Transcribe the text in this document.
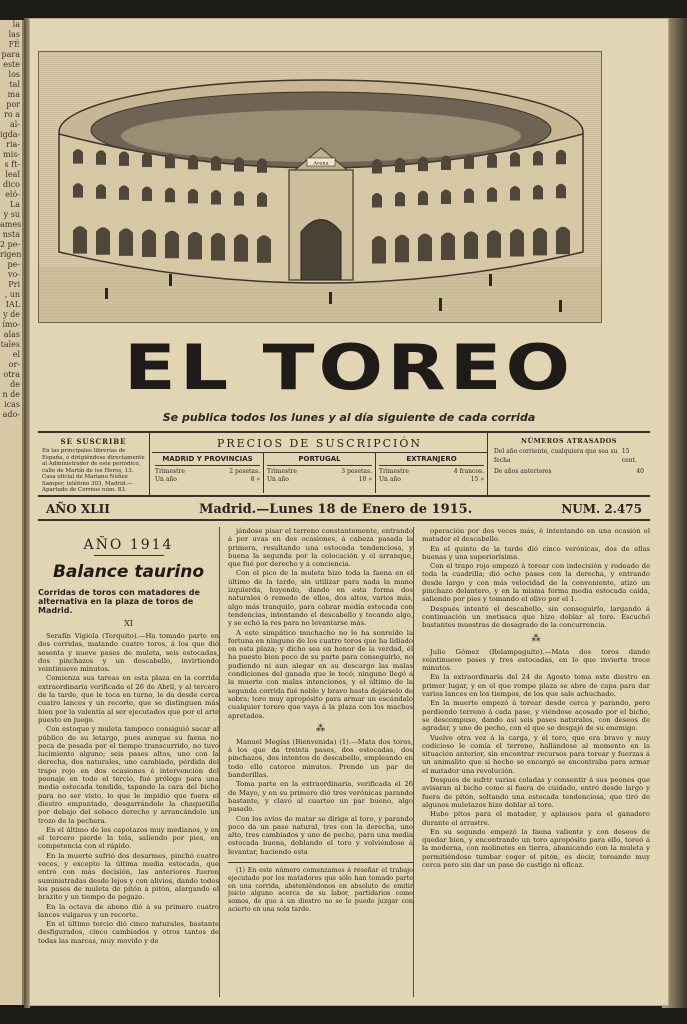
la
las
FÉ
para
este
los
tal
ma
por
ro a
al-
igda-
ria-
mis-
s ft-
leal
dico
eló-
La
y su
ames
nsta
2 pe-
rigen
pe-
vo-
Pri
, un
IAL
y de
ímo-
alas
tales
el
or-
otra
de
n de
icas
ado-
Arena
EL TOREO
Se publica todos los lunes y al día siguiente de cada corrida
SE SUSCRIBE
En las principales librerías de España, ó dirigiéndose directamente al Administrador de este periódico, calle de Martín de los Heros, 13. Casa oficial de Mariano Núñez Samper, teléfono 303, Madrid.—Apartado de Correos núm. 83.
PRECIOS DE SUSCRIPCIÓN
MADRID Y PROVINCIAS
Trimestre	2 pesetas.
Un año	8 »
PORTUGAL
Trimestre	3 pesetas.
Un año	10 »
EXTRANJERO
Trimestre	4 francos.
Un año	15 »
NÚMEROS ATRASADOS
Del año corriente, cualquiera que sea su fecha
15 cent.
De años anteriores	40
AÑO XLII	Madrid.—Lunes 18 de Enero de 1915.	NUM. 2.475
AÑO 1914
Balance taurino
Corridas de toros con matadores de alternativa en la plaza de toros de Madrid.
XI

Serafín Vigiola (Torquito).—Ha tomado parte en dos corridas, matando cuatro toros, á los que dió sesenta y nueve pases de muleta, seis estocadas, dos pinchazos y un descabello, invirtiendo veintinueve minutos.

Comienza sus tareas en esta plaza en la corrida extraordinaria verificada el 26 de Abril, y al tercero de la tarde, que le toca en turno, le da desde cerca cuatro lances y un recorte, que se distinguen más bien por la valentía al ser ejecutados que por el arte puesto en juego.

Con estoque y muleta tampoco consiguió sacar al público de su letargo, pues aunque su faena no peca de pesada por el tiempo transcurrido, no tuvo lucimiento alguno; seis pases altos, uno con la derecha, dos naturales, uno cambiado, pérdida del trapo rojo en dos ocasiones é intervención del peonaje en todo el tercio, fué prólogo para una media estocada tendida, tapando la cara del bicho para no ser visto, lo que le impidió que fuera el diestro empuntado, desgarrándole la chaquetilla por debajo del sobaco derecho y arrancándole un trozo de la pechera.

En el último de los capotazos muy medianos, y en el tercero pierde la tela, saliendo por pies, en competencia con el rápido.

En la muerte sufrió dos desarmes, pinchó cuatro veces, y excepto la última media estocada, que entró con más decisión, las anteriores fueron suministradas desde lejos y con alivios, dando todos los pases de muleta de pitón á pitón, alargando el brazito y un tiempo de pegazo.

En la octava de abono dió á su primero cuatro lances vulgares y un recorte.

En el último tercio dió cinco naturales, bastante desfigurados, cinco cambiados y otros tantos de todas las marcas, muy movido y de

jándose pisar el terreno constantemente, entrando á por uvas en dos ocasiones, á cabeza pasada la primera, resultando una estocada tendenciosa, y buena la segunda por la colocación y el arranque, que fué por derecho y á conciencia.

Con el pico de la muleta hizo toda la faena en el último de la tarde, sin utilizar para nada la mano izquierda, huyendo, dando en esta forma dos naturales ó remedo de ellos, dos altos, varios más, algo más tranquilo, para cobrar media estocada con tendencias, intentando el descabello y tocando algo, y se echó la res para no levantarse más.

A este simpático muchacho no le ha sonreído la fortuna en ninguno de los cuatro toros que ha lidiado en esta plaza; y dicho sea en honor de la verdad, él ha puesto bien poco de su parte para conseguirlo, no pudiendo ni aun alegar en su descargo las malas condiciones del ganado que le tocó; ninguno llegó á la muerte con malas intenciones, y el último de la segunda corrida fué noble y bravo hasta dejárselo de sobra; toro muy apropósito para armar un escándalo cualquier torero que vaya á la plaza con los machos apretados.

⁂

Manuel Megías (Bienvenida) (1).—Mata dos toros, á los que da treinta pases, dos estocadas, dos pinchazos, dos intentos de descabello, empleando en todo ello catorce minutos. Prende un par de banderillas.

Toma parte en la extraordinaria, verificada el 26 de Mayo, y en su primero dió tres verónicas parando bastante, y clavó al cuarteo un par bueno, algo pasado.

Con los avíos de matar se dirige al toro, y parando poco da un pase natural, tres con la derecha, uno alto, tres cambiados y uno de pecho, para una media estocada buena, doblando el toro y volviéndose á levantar, haciendo esta

(1) En este número comenzamos á reseñar el trabajo ejecutado por los matadores que sólo han tomado parte en una corrida, absteniéndonos en absoluto de emitir juicio alguno acerca de su labor, partidarios como somos, de que á un diestro no se le puede juzgar con acierto en una sola tarde.

operación por dos veces más, é intentando en una ocasión el matador el descabello.

En el quinto de la tarde dió cinco verónicas, dos de ellas buenas y una superiorísima.

Con el trapo rojo empezó á torear con indecisión y rodeado de toda la cuadrilla; dió ocho pases con la derecha, y entrando desde largo y con más velocidad de la conveniente, atizó un pinchazo delantero, y en la misma forma media estocada caída, saliendo por pies y tomando el olivo por el 1.

Después intentó el descabello, sin conseguirlo, largando á continuación un metisaca que hizo doblar al toro. Escuchó bastantes muestras de desagrado de la concurrencia.

⁂

Julio Gómez (Relampaguito).—Mata dos toros dando veintinueve pases y tres estocadas, en lo que invierte trece minutos.

En la extraordinaria del 24 de Agosto toma este diestro en primer lugar, y en el que rompe plaza se abre de capa para dar varios lances en los tiempos, de los que sale achuchado.

En la muerte empezó á torear desde cerca y parando, pero perdiendo terreno á cada pase, y viéndose acosado por el bicho, se descompuso, dando así seis pases naturales, con deseos de agradar, y uno de pecho, con el que se desgajó de su enemigo.

Vuelve otra vez á la carga, y el toro, que era bravo y muy codicioso le comía el terreno, hallándose al momento en la situación anterior, sin encontrar recursos para torear y fuerzas á un animalito que si hecho se encargó se encontraba para armar el matador una revolución.

Después de sufrir varias coladas y consentir á sus peones que avisaran al bicho como si fuera de cuidado, entró desde largo y fuera de pitón, soltando una estocada tendenciosa, que tiró de algunos muletazos hizo doblar al toro.

Hubo pitos para el matador, y aplausos para el ganadero durante el arrastre.

En su segundo empezó la faena valiente y con deseos de quedar bien, y encontrando un toro apropósito para ello, toreó á la moderna, con molinetes en tierra, abanicando con la muleta y permitiéndose tumbar coger el pitón, es decir, toreando muy cerca pero sin dar un pase de castigo ni eficaz.
